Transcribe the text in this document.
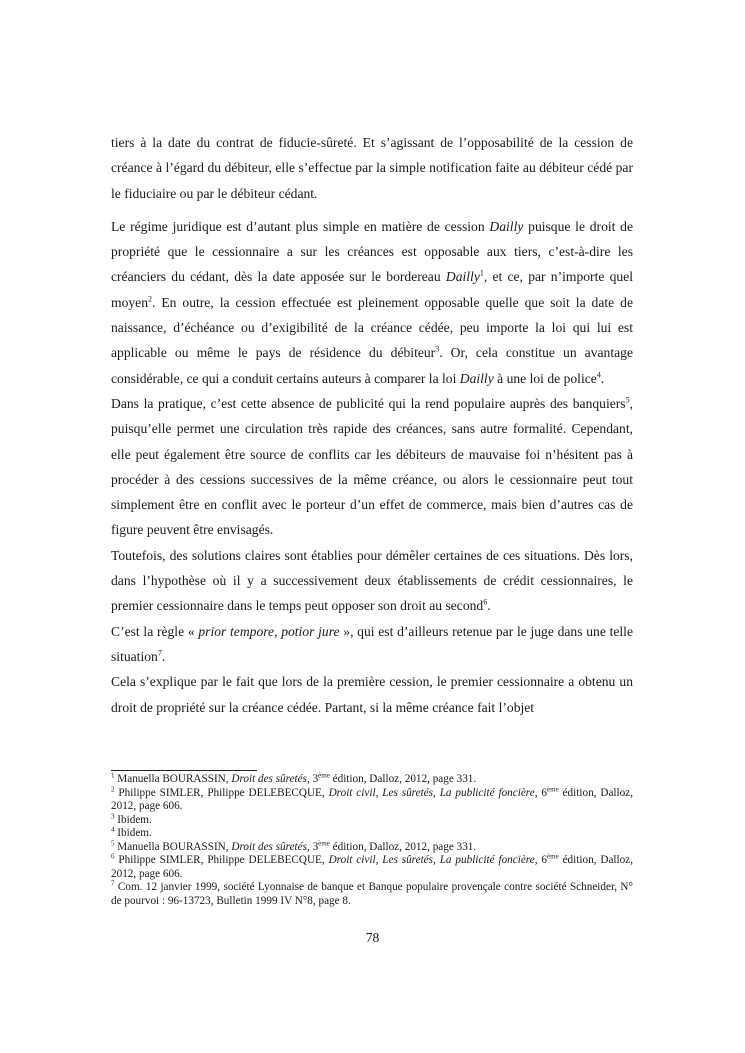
tiers à la date du contrat de fiducie-sûreté. Et s’agissant de l’opposabilité de la cession de créance à l’égard du débiteur, elle s’effectue par la simple notification faite au débiteur cédé par le fiduciaire ou par le débiteur cédant.

Le régime juridique est d’autant plus simple en matière de cession Dailly puisque le droit de propriété que le cessionnaire a sur les créances est opposable aux tiers, c’est-à-dire les créanciers du cédant, dès la date apposée sur le bordereau Dailly$^1$, et ce, par n’importe quel moyen$^2$. En outre, la cession effectuée est pleinement opposable quelle que soit la date de naissance, d’échéance ou d’exigibilité de la créance cédée, peu importe la loi qui lui est applicable ou même le pays de résidence du débiteur$^3$. Or, cela constitue un avantage considérable, ce qui a conduit certains auteurs à comparer la loi Dailly à une loi de police$^4$.

Dans la pratique, c’est cette absence de publicité qui la rend populaire auprès des banquiers$^5$, puisqu’elle permet une circulation très rapide des créances, sans autre formalité. Cependant, elle peut également être source de conflits car les débiteurs de mauvaise foi n’hésitent pas à procéder à des cessions successives de la même créance, ou alors le cessionnaire peut tout simplement être en conflit avec le porteur d’un effet de commerce, mais bien d’autres cas de figure peuvent être envisagés.

Toutefois, des solutions claires sont établies pour démêler certaines de ces situations. Dès lors, dans l’hypothèse où il y a successivement deux établissements de crédit cessionnaires, le premier cessionnaire dans le temps peut opposer son droit au second$^6$.

C’est la règle « prior tempore, potior jure », qui est d’ailleurs retenue par le juge dans une telle situation$^7$.

Cela s’explique par le fait que lors de la première cession, le premier cessionnaire a obtenu un droit de propriété sur la créance cédée. Partant, si la même créance fait l’objet

$^1$ Manuella BOURASSIN, Droit des sûretés, 3ème édition, Dalloz, 2012, page 331.
$^2$ Philippe SIMLER, Philippe DELEBECQUE, Droit civil, Les sûretés, La publicité foncière, 6ème édition, Dalloz, 2012, page 606.
$^3$ Ibidem.
$^4$ Ibidem.
$^5$ Manuella BOURASSIN, Droit des sûretés, 3ème édition, Dalloz, 2012, page 331.
$^6$ Philippe SIMLER, Philippe DELEBECQUE, Droit civil, Les sûretés, La publicité foncière, 6ème édition, Dalloz, 2012, page 606.
$^7$ Com. 12 janvier 1999, société Lyonnaise de banque et Banque populaire provençale contre société Schneider, N° de pourvoi : 96-13723, Bulletin 1999 IV N°8, page 8.
78
